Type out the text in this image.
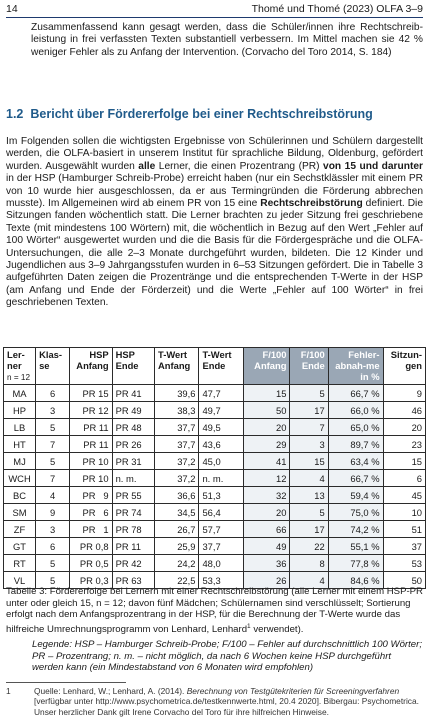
14	Thomé und Thomé (2023) OLFA 3–9

Zusammenfassend kann gesagt werden, dass die Schüler/innen ihre Rechtschreibleistung in frei verfassten Texten substantiell verbessern. Im Mittel machen sie 42 % weniger Fehler als zu Anfang der Intervention. (Corvacho del Toro 2014, S. 184)

1.2 Bericht über Fördererfolge bei einer Rechtschreibstörung

Im Folgenden sollen die wichtigsten Ergebnisse von Schülerinnen und Schülern dargestellt werden, die OLFA-basiert in unserem Institut für sprachliche Bildung, Oldenburg, gefördert wurden. Ausgewählt wurden alle Lerner, die einen Prozentrang (PR) von 15 und darunter in der HSP (Hamburger Schreib-Probe) erreicht haben (nur ein Sechstklässler mit einem PR von 10 wurde hier ausgeschlossen, da er aus Termingründen die Förderung abbrechen musste). Im Allgemeinen wird ab einem PR von 15 eine Rechtschreibstörung definiert. Die Sitzungen fanden wöchentlich statt. Die Lerner brachten zu jeder Sitzung frei geschriebene Texte (mit mindestens 100 Wörtern) mit, die wöchentlich in Bezug auf den Wert „Fehler auf 100 Wörter“ ausgewertet wurden und die die Basis für die Fördergespräche und die OLFA-Untersuchungen, die alle 2–3 Monate durchgeführt wurden, bildeten. Die 12 Kinder und Jugendlichen aus 3–9 Jahrgangsstufen wurden in 6–53 Sitzungen gefördert. Die in Tabelle 3 aufgeführten Daten zeigen die Prozentränge und die entsprechenden T-Werte in der HSP (am Anfang und Ende der Förderzeit) und die Werte „Fehler auf 100 Wörter“ in frei geschriebenen Texten.

Ler-ner
n = 12	Klas-se	HSP Anfang	HSP Ende	T-Wert Anfang	T-Wert Ende	F/100 Anfang	F/100 Ende	Fehler-abnah-me in %	Sitzun-gen
MA	6	PR 15	PR 41	39,6	47,7	15	5	66,7 %	9
HP	3	PR 12	PR 49	38,3	49,7	50	17	66,0 %	46
LB	5	PR 11	PR 48	37,7	49,5	20	7	65,0 %	20
HT	7	PR 11	PR 26	37,7	43,6	29	3	89,7 %	23
MJ	5	PR 10	PR 31	37,2	45,0	41	15	63,4 %	15
WCH	7	PR 10	n. m.	37,2	n. m.	12	4	66,7 %	6
BC	4	PR   9	PR 55	36,6	51,3	32	13	59,4 %	45
SM	9	PR   6	PR 74	34,5	56,4	20	5	75,0 %	10
ZF	3	PR   1	PR 78	26,7	57,7	66	17	74,2 %	51
GT	6	PR 0,8	PR 11	25,9	37,7	49	22	55,1 %	37
RT	5	PR 0,5	PR 42	24,2	48,0	36	8	77,8 %	53
VL	5	PR 0,3	PR 63	22,5	53,3	26	4	84,6 %	50

Tabelle 3: Fördererfolge bei Lernern mit einer Rechtschreibstörung (alle Lerner mit einem HSP-PR unter oder gleich 15, n = 12; davon fünf Mädchen; Schülernamen sind verschlüsselt; Sortierung erfolgt nach dem Anfangsprozentrang in der HSP, für die Berechnung der T-Werte wurde das hilfreiche Umrechnungsprogramm von Lenhard, Lenhard$^1$ verwendet).

Legende: HSP – Hamburger Schreib-Probe; F/100 – Fehler auf durchschnittlich 100 Wörter; PR – Prozentrang; n. m. – nicht möglich, da nach 6 Wochen keine HSP durchgeführt werden kann (ein Mindestabstand von 6 Monaten wird empfohlen)

1	Quelle: Lenhard, W.; Lenhard, A. (2014). Berechnung von Testgütekriterien für Screeningverfahren [verfügbar unter http://www.psychometrica.de/testkennwerte.html, 20.4 2020]. Bibergau: Psychometrica. Unser herzlicher Dank gilt Irene Corvacho del Toro für ihre hilfreichen Hinweise.
